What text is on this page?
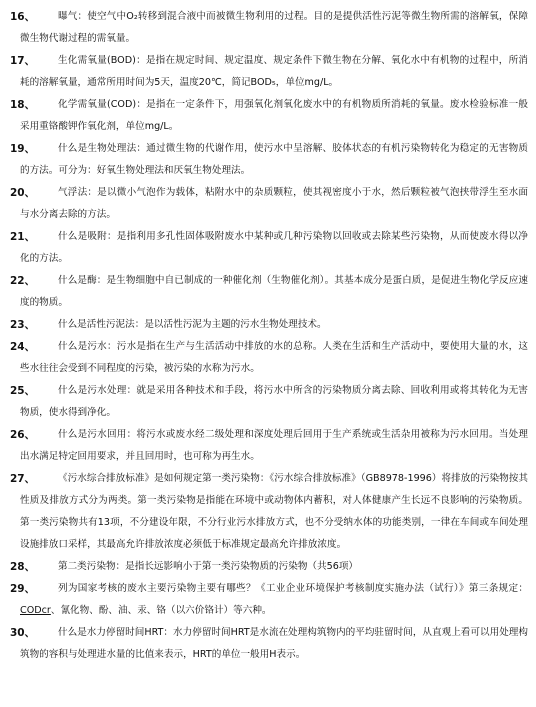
16、	曝气：使空气中O₂转移到混合液中而被微生物利用的过程。目的是提供活性污泥等微生物所需的溶解氧，保障微生物代谢过程的需氧量。
17、	生化需氧量(BOD)：是指在规定时间、规定温度、规定条件下微生物在分解、氧化水中有机物的过程中，所消耗的溶解氧量，通常所用时间为5天，温度20℃，简记BOD₅，单位mg/L。
18、	化学需氧量(COD)：是指在一定条件下，用强氧化剂氧化废水中的有机物质所消耗的氧量。废水检验标准一般采用重铬酸钾作氧化剂，单位mg/L。
19、	什么是生物处理法：通过微生物的代谢作用，使污水中呈溶解、胶体状态的有机污染物转化为稳定的无害物质的方法。可分为：好氧生物处理法和厌氧生物处理法。
20、	气浮法：是以微小气泡作为载体，粘附水中的杂质颗粒，使其视密度小于水，然后颗粒被气泡挟带浮生至水面与水分离去除的方法。
21、	什么是吸附：是指利用多孔性固体吸附废水中某种或几种污染物以回收或去除某些污染物，从而使废水得以净化的方法。
22、	什么是酶：是生物细胞中自已制成的一种催化剂（生物催化剂）。其基本成分是蛋白质，是促进生物化学反应速度的物质。
23、	什么是活性污泥法：是以活性污泥为主题的污水生物处理技术。
24、	什么是污水：污水是指在生产与生活活动中排放的水的总称。人类在生活和生产活动中，要使用大量的水，这些水往往会受到不同程度的污染，被污染的水称为污水。
25、	什么是污水处理：就是采用各种技术和手段，将污水中所含的污染物质分离去除、回收利用或将其转化为无害物质，使水得到净化。
26、	什么是污水回用：将污水或废水经二级处理和深度处理后回用于生产系统或生活杂用被称为污水回用。当处理出水满足特定回用要求，并且回用时，也可称为再生水。
27、	《污水综合排放标准》是如何规定第一类污染物：《污水综合排放标准》（GB8978-1996）将排放的污染物按其性质及排放方式分为两类。第一类污染物是指能在环境中或动物体内蓄积，对人体健康产生长远不良影响的污染物质。第一类污染物共有13项，不分建设年限，不分行业污水排放方式，也不分受纳水体的功能类别，一律在车间或车间处理设施排放口采样，其最高允许排放浓度必须低于标准规定最高允许排放浓度。
28、	第二类污染物：是指长远影响小于第一类污染物质的污染物（共56项）
29、	列为国家考核的废水主要污染物主要有哪些？《工业企业环境保护考核制度实施办法（试行）》第三条规定：CODcr、氰化物、酚、油、汞、铬（以六价铬计）等六种。
30、	什么是水力停留时间HRT：水力停留时间HRT是水流在处理构筑物内的平均驻留时间，从直观上看可以用处理构筑物的容积与处理进水量的比值来表示，HRT的单位一般用H表示。
